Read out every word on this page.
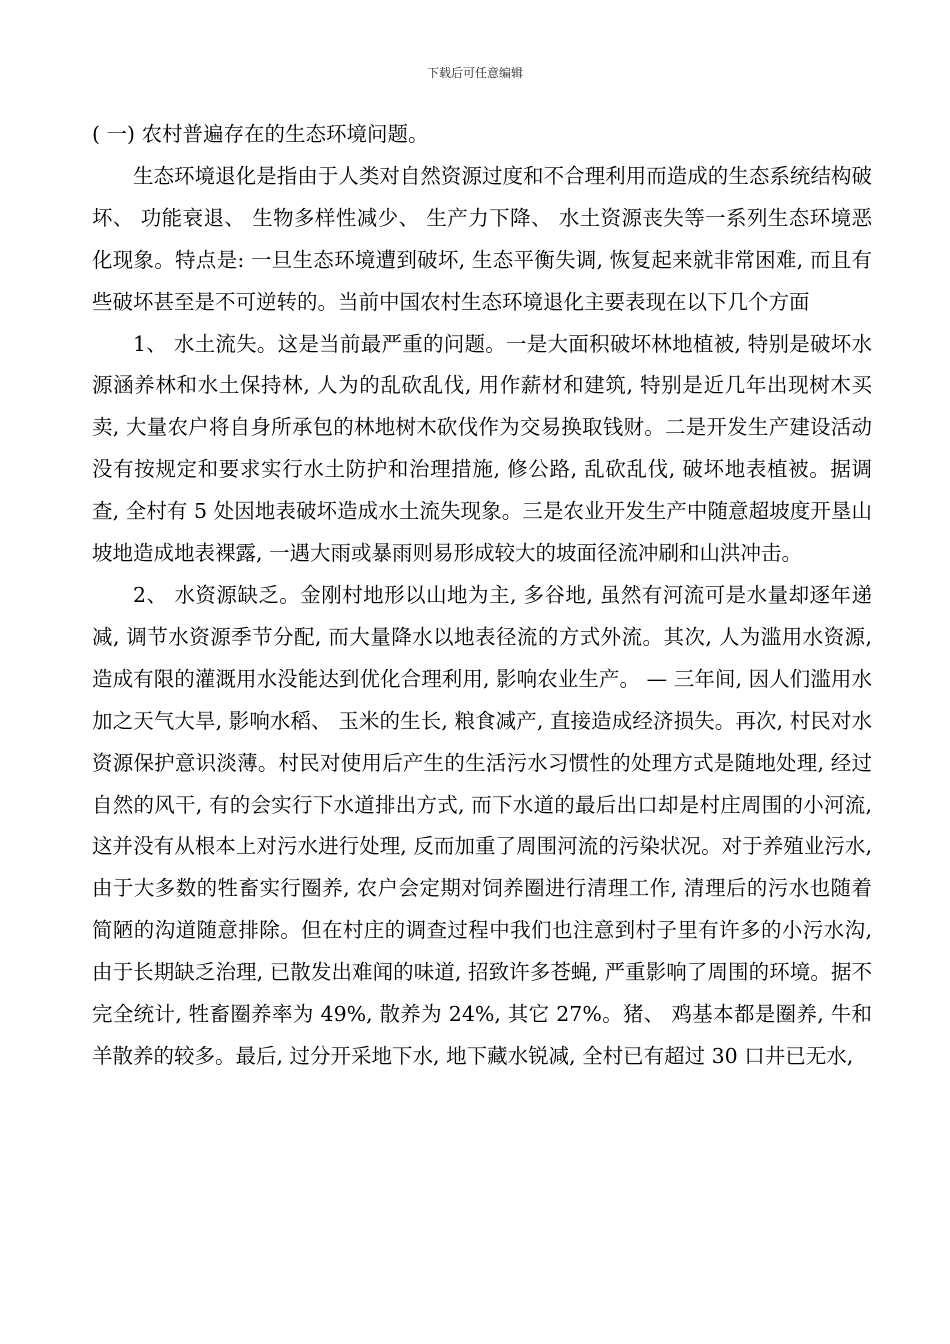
下载后可任意编辑

( 一) 农村普遍存在的生态环境问题。

生态环境退化是指由于人类对自然资源过度和不合理利用而造成的生态系统结构破坏、 功能衰退、 生物多样性减少、 生产力下降、 水土资源丧失等一系列生态环境恶化现象。特点是: 一旦生态环境遭到破坏, 生态平衡失调, 恢复起来就非常困难, 而且有些破坏甚至是不可逆转的。当前中国农村生态环境退化主要表现在以下几个方面

1、 水土流失。这是当前最严重的问题。一是大面积破坏林地植被, 特别是破坏水源涵养林和水土保持林, 人为的乱砍乱伐, 用作薪材和建筑, 特别是近几年出现树木买卖, 大量农户将自身所承包的林地树木砍伐作为交易换取钱财。二是开发生产建设活动没有按规定和要求实行水土防护和治理措施, 修公路, 乱砍乱伐, 破坏地表植被。据调查, 全村有 5 处因地表破坏造成水土流失现象。三是农业开发生产中随意超坡度开垦山坡地造成地表裸露, 一遇大雨或暴雨则易形成较大的坡面径流冲刷和山洪冲击。

2、 水资源缺乏。金刚村地形以山地为主, 多谷地, 虽然有河流可是水量却逐年递减, 调节水资源季节分配, 而大量降水以地表径流的方式外流。其次, 人为滥用水资源, 造成有限的灌溉用水没能达到优化合理利用, 影响农业生产。 — 三年间, 因人们滥用水加之天气大旱, 影响水稻、 玉米的生长, 粮食减产, 直接造成经济损失。再次, 村民对水资源保护意识淡薄。村民对使用后产生的生活污水习惯性的处理方式是随地处理, 经过自然的风干, 有的会实行下水道排出方式, 而下水道的最后出口却是村庄周围的小河流, 这并没有从根本上对污水进行处理, 反而加重了周围河流的污染状况。对于养殖业污水, 由于大多数的牲畜实行圈养, 农户会定期对饲养圈进行清理工作, 清理后的污水也随着简陋的沟道随意排除。但在村庄的调查过程中我们也注意到村子里有许多的小污水沟, 由于长期缺乏治理, 已散发出难闻的味道, 招致许多苍蝇, 严重影响了周围的环境。据不完全统计, 牲畜圈养率为 49%, 散养为 24%, 其它 27%。猪、 鸡基本都是圈养, 牛和羊散养的较多。最后, 过分开采地下水, 地下藏水锐减, 全村已有超过 30 口井已无水,
